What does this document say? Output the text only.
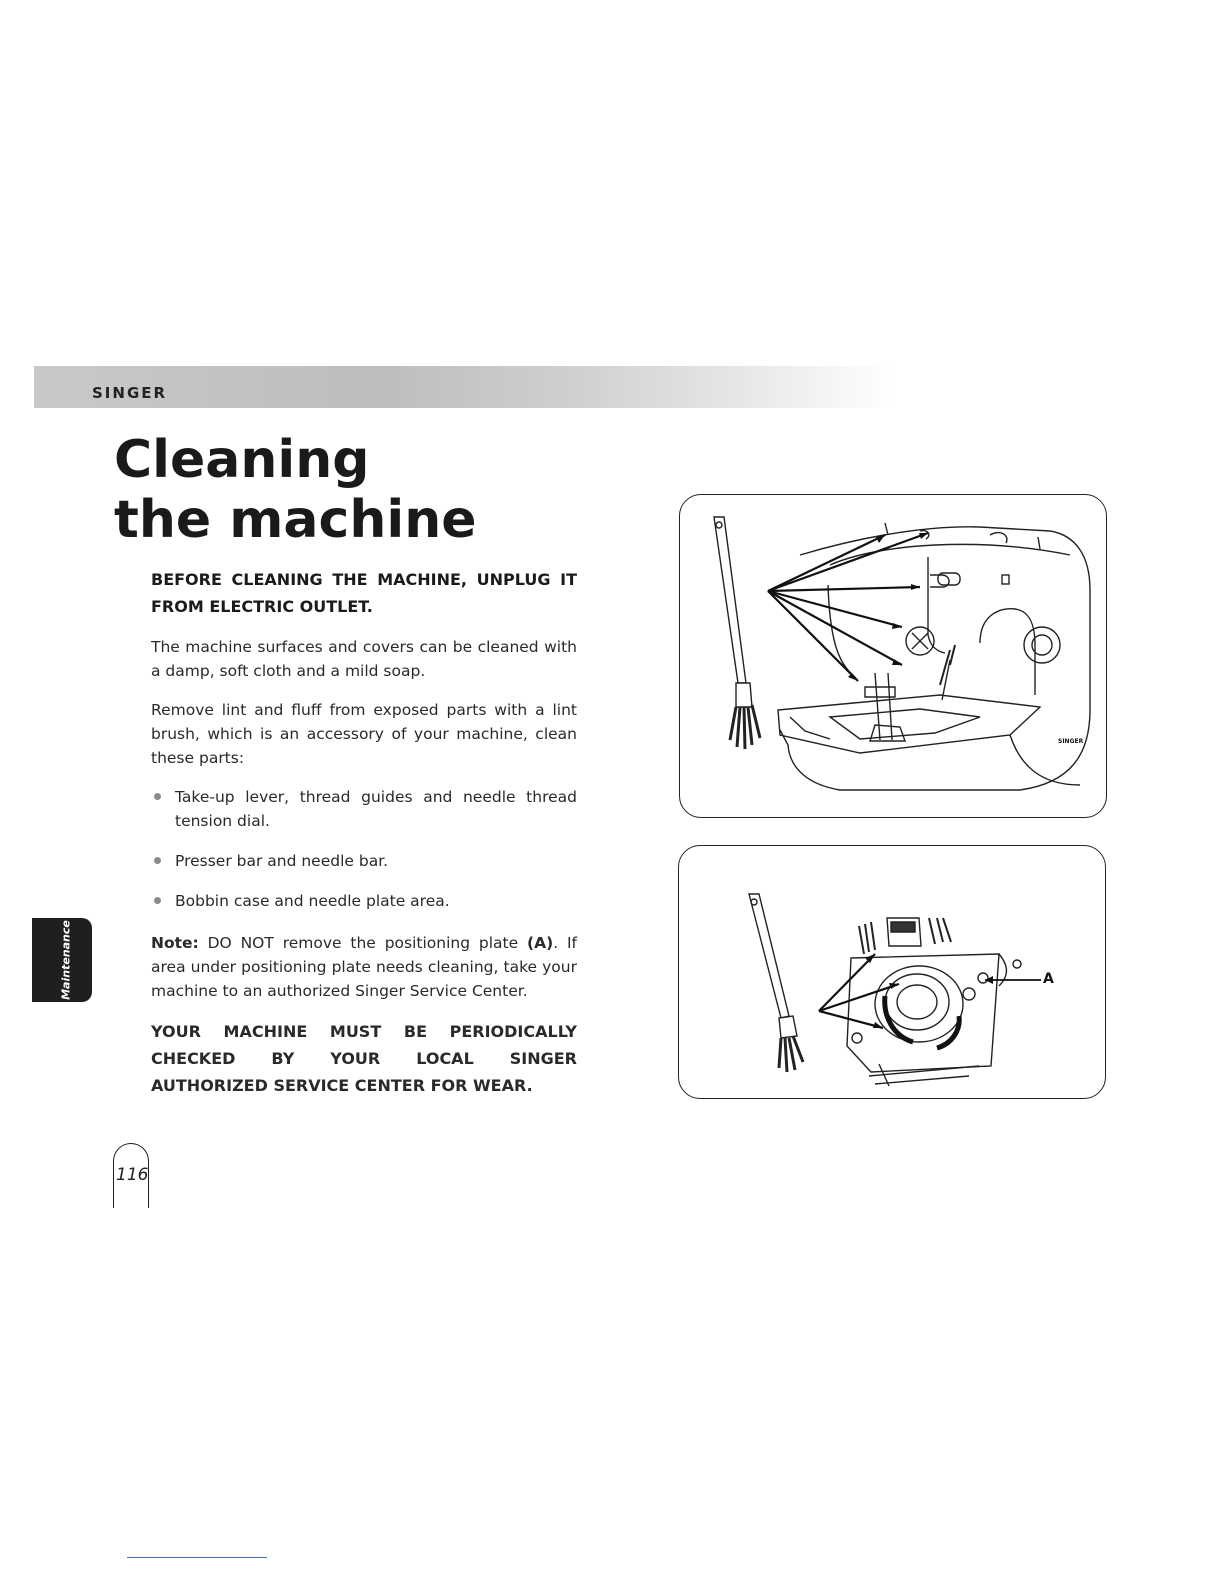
SINGER
Cleaning
the machine

BEFORE CLEANING THE MACHINE, UNPLUG IT FROM ELECTRIC OUTLET.

The machine surfaces and covers can be cleaned with a damp, soft cloth and a mild soap.

Remove lint and fluff from exposed parts with a lint brush, which is an accessory of your machine, clean these parts:

Take-up lever, thread guides and needle thread tension dial.
Presser bar and needle bar.
Bobbin case and needle plate area.

Note: DO NOT remove the positioning plate (A). If area under positioning plate needs cleaning, take your machine to an authorized Singer Service Center.

YOUR MACHINE MUST BE PERIODICALLY CHECKED BY YOUR LOCAL SINGER AUTHORIZED SERVICE CENTER FOR WEAR.

Maintenance
116
SINGER
A
